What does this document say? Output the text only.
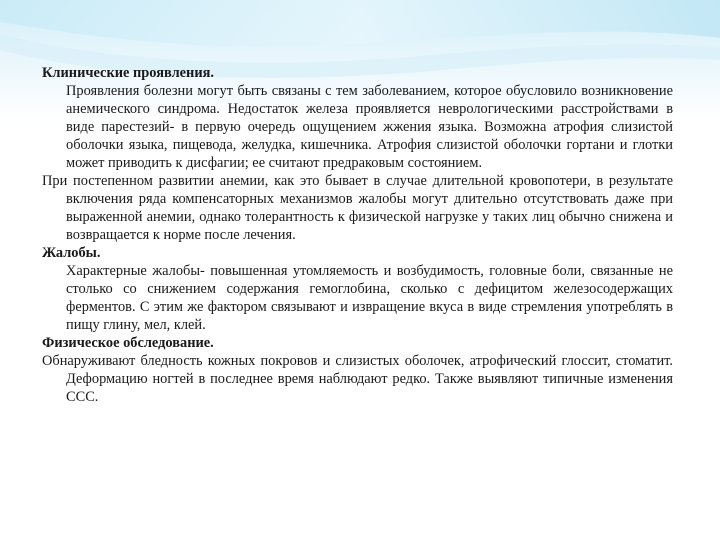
Клинические проявления.

Проявления болезни могут быть связаны с тем заболеванием, которое обусловило возникновение анемического синдрома. Недостаток железа проявляется неврологическими расстройствами в виде парестезий- в первую очередь ощущением жжения языка. Возможна атрофия слизистой оболочки языка, пищевода, желудка, кишечника. Атрофия слизистой оболочки гортани и глотки может приводить к дисфагии; ее считают предраковым состоянием.

При постепенном развитии анемии, как это бывает в случае длительной кровопотери, в результате включения ряда компенсаторных механизмов жалобы могут длительно отсутствовать даже при выраженной анемии, однако толерантность к физической нагрузке у таких лиц обычно снижена и возвращается к норме после лечения.

Жалобы.

Характерные жалобы- повышенная утомляемость и возбудимость, головные боли, связанные не столько со снижением содержания гемоглобина, сколько с дефицитом железосодержащих ферментов. С этим же фактором связывают и извращение вкуса в виде стремления употреблять в пищу глину, мел, клей.

Физическое обследование.

Обнаруживают бледность кожных покровов и слизистых оболочек, атрофический глоссит, стоматит. Деформацию ногтей в последнее время наблюдают редко. Также выявляют типичные изменения ССС.
